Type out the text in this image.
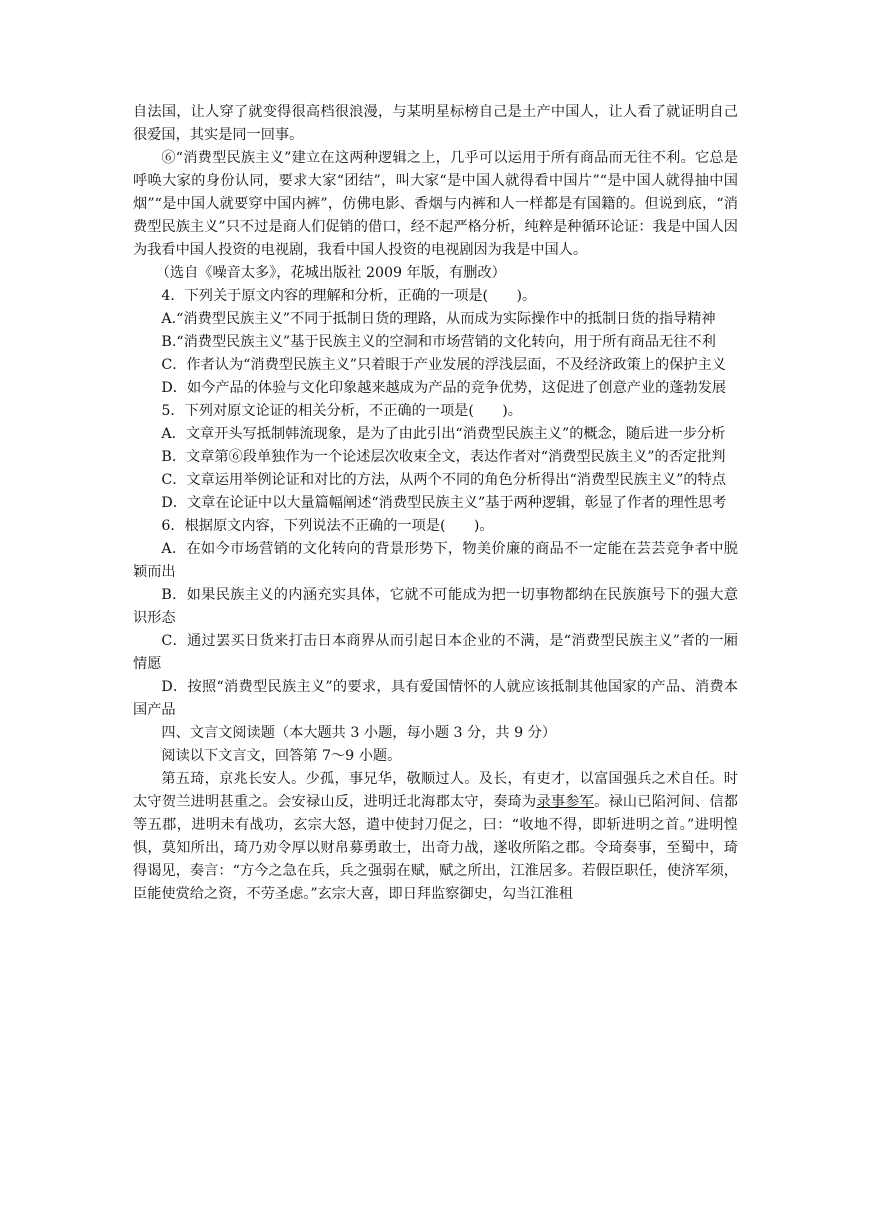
自法国，让人穿了就变得很高档很浪漫，与某明星标榜自己是土产中国人，让人看了就证明自己很爱国，其实是同一回事。

⑥“消费型民族主义”建立在这两种逻辑之上，几乎可以运用于所有商品而无往不利。它总是呼唤大家的身份认同，要求大家“团结”，叫大家“是中国人就得看中国片”“是中国人就得抽中国烟”“是中国人就要穿中国内裤”，仿佛电影、香烟与内裤和人一样都是有国籍的。但说到底，“消费型民族主义”只不过是商人们促销的借口，经不起严格分析，纯粹是种循环论证：我是中国人因为我看中国人投资的电视剧，我看中国人投资的电视剧因为我是中国人。

（选自《噪音太多》，花城出版社 2009 年版，有删改）

4．下列关于原文内容的理解和分析，正确的一项是(　　)。

A.“消费型民族主义”不同于抵制日货的理路，从而成为实际操作中的抵制日货的指导精神

B.“消费型民族主义”基于民族主义的空洞和市场营销的文化转向，用于所有商品无往不利

C．作者认为“消费型民族主义”只着眼于产业发展的浮浅层面，不及经济政策上的保护主义

D．如今产品的体验与文化印象越来越成为产品的竞争优势，这促进了创意产业的蓬勃发展

5．下列对原文论证的相关分析，不正确的一项是(　　)。

A．文章开头写抵制韩流现象，是为了由此引出“消费型民族主义”的概念，随后进一步分析

B．文章第⑥段单独作为一个论述层次收束全文，表达作者对“消费型民族主义”的否定批判

C．文章运用举例论证和对比的方法，从两个不同的角色分析得出“消费型民族主义”的特点

D．文章在论证中以大量篇幅阐述“消费型民族主义”基于两种逻辑，彰显了作者的理性思考

6．根据原文内容，下列说法不正确的一项是(　　)。

A．在如今市场营销的文化转向的背景形势下，物美价廉的商品不一定能在芸芸竞争者中脱颖而出

B．如果民族主义的内涵充实具体，它就不可能成为把一切事物都纳在民族旗号下的强大意识形态

C．通过罢买日货来打击日本商界从而引起日本企业的不满，是“消费型民族主义”者的一厢情愿

D．按照“消费型民族主义”的要求，具有爱国情怀的人就应该抵制其他国家的产品、消费本国产品

四、文言文阅读题（本大题共 3 小题，每小题 3 分，共 9 分）

阅读以下文言文，回答第 7～9 小题。

第五琦，京兆长安人。少孤，事兄华，敬顺过人。及长，有吏才，以富国强兵之术自任。时太守贺兰进明甚重之。会安禄山反，进明迁北海郡太守，奏琦为录事参军。禄山已陷河间、信都等五郡，进明未有战功，玄宗大怒，遣中使封刀促之，曰：“收地不得，即斩进明之首。”进明惶惧，莫知所出，琦乃劝令厚以财帛募勇敢士，出奇力战，遂收所陷之郡。令琦奏事，至蜀中，琦得谒见，奏言：“方今之急在兵，兵之强弱在赋，赋之所出，江淮居多。若假臣职任，使济军须，臣能使赏给之资，不劳圣虑。”玄宗大喜，即日拜监察御史，勾当江淮租
